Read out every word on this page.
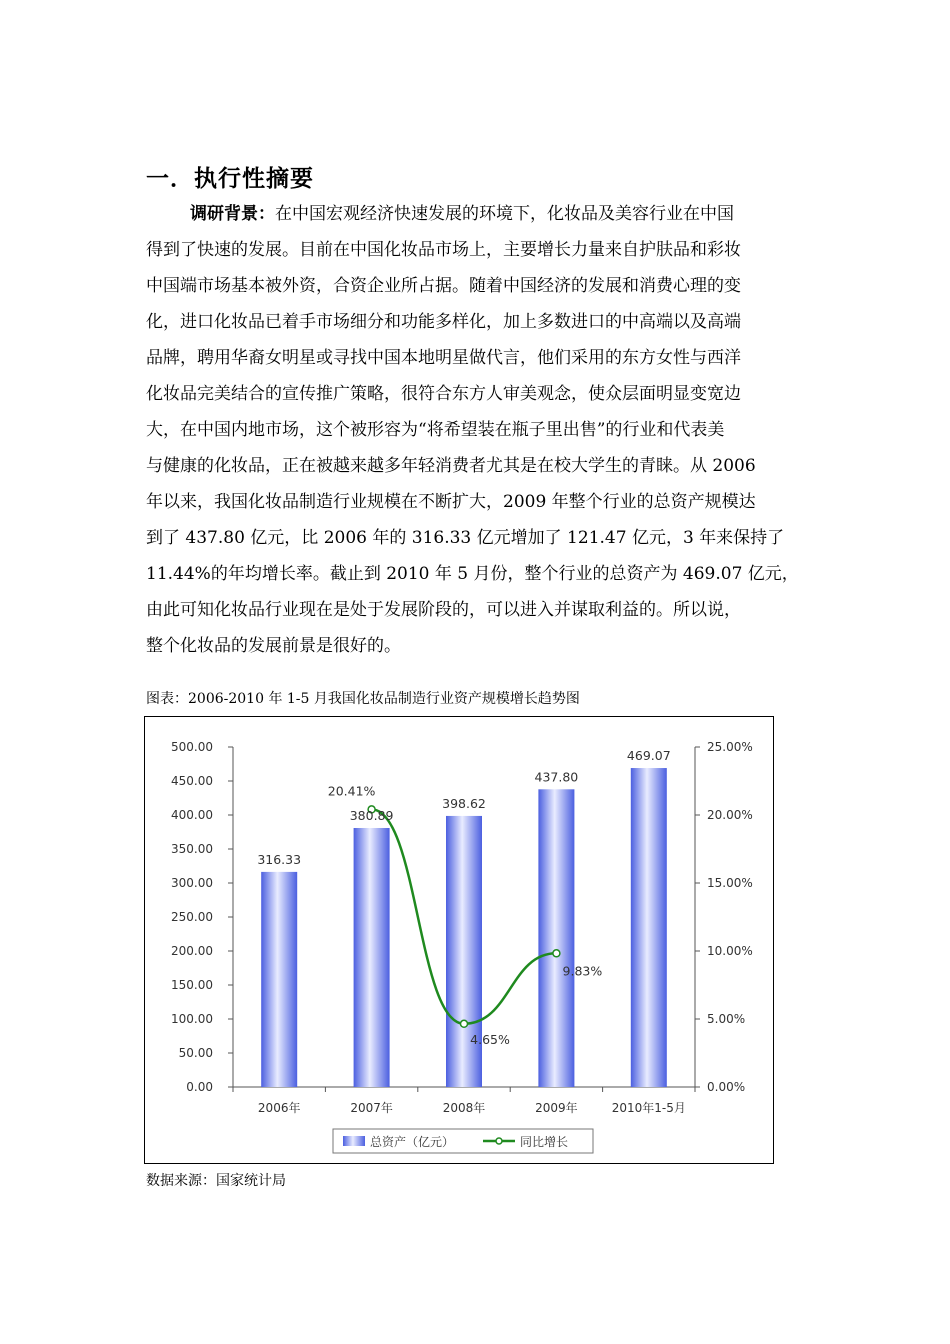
一．执行性摘要
调研背景：在中国宏观经济快速发展的环境下，化妆品及美容行业在中国
得到了快速的发展。目前在中国化妆品市场上，主要增长力量来自护肤品和彩妆
中国端市场基本被外资，合资企业所占据。随着中国经济的发展和消费心理的变
化，进口化妆品已着手市场细分和功能多样化，加上多数进口的中高端以及高端
品牌，聘用华裔女明星或寻找中国本地明星做代言，他们采用的东方女性与西洋
化妆品完美结合的宣传推广策略，很符合东方人审美观念，使众层面明显变宽边
大，在中国内地市场，这个被形容为“将希望装在瓶子里出售”的行业和代表美
与健康的化妆品，正在被越来越多年轻消费者尤其是在校大学生的青睐。从 2006
年以来，我国化妆品制造行业规模在不断扩大，2009 年整个行业的总资产规模达
到了 437.80 亿元，比 2006 年的 316.33 亿元增加了 121.47 亿元，3 年来保持了
11.44%的年均增长率。截止到 2010 年 5 月份，整个行业的总资产为 469.07 亿元，
由此可知化妆品行业现在是处于发展阶段的，可以进入并谋取利益的。所以说，
整个化妆品的发展前景是很好的。
图表：2006-2010 年 1-5 月我国化妆品制造行业资产规模增长趋势图
0.00
50.00
100.00
150.00
200.00
250.00
300.00
350.00
400.00
450.00
500.00
0.00%
5.00%
10.00%
15.00%
20.00%
25.00%
2006年	2007年	2008年	2009年	2010年1-5月
316.33
380.89
398.62
437.80
469.07
20.41%
4.65%
9.83%
总资产（亿元）	同比增长
数据来源：国家统计局
